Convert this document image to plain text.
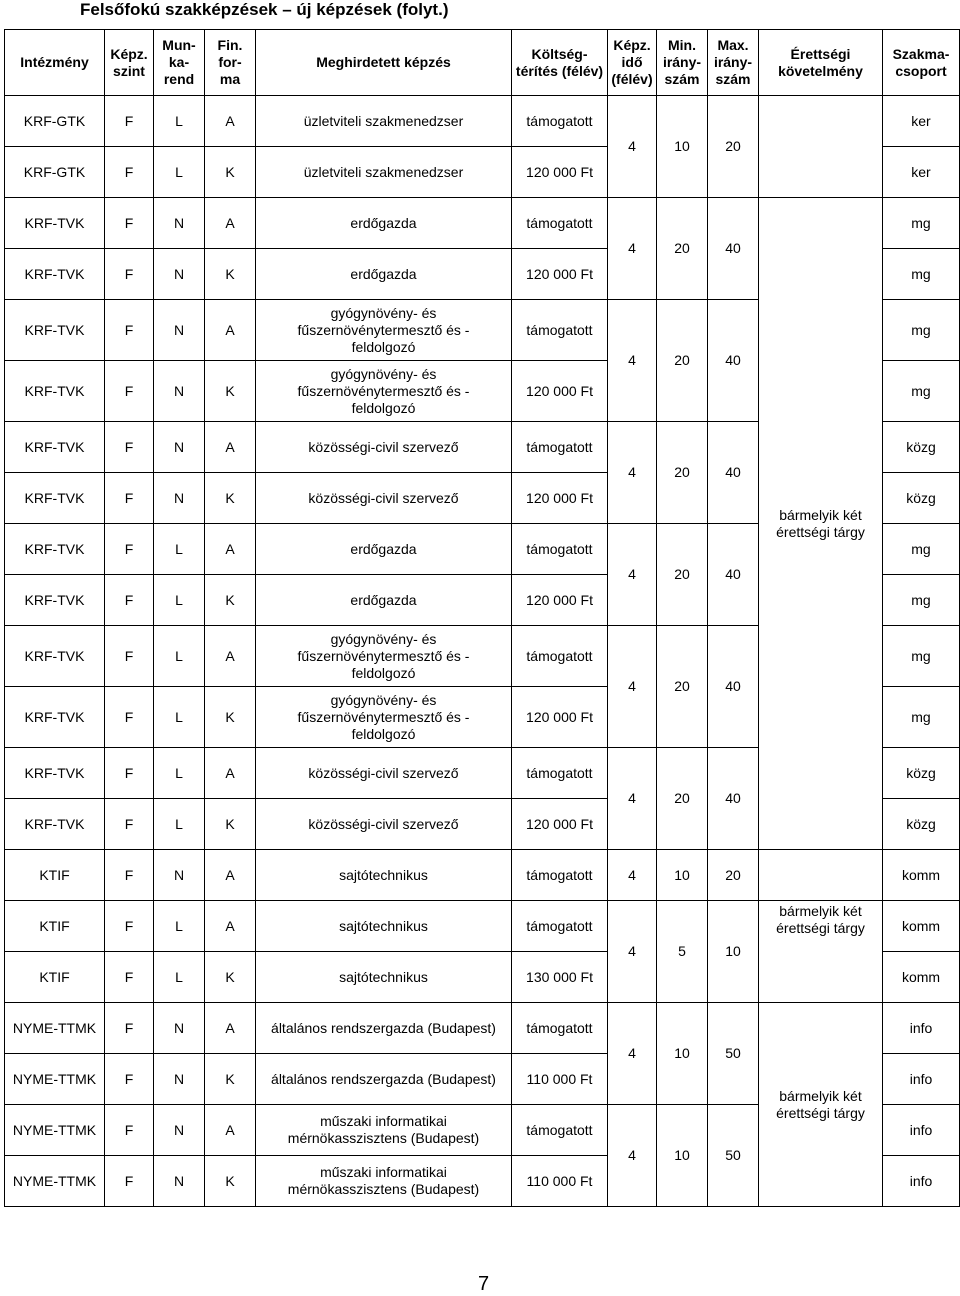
Felsőfokú szakképzések – új képzések (folyt.)
Intézmény	Képz. szint	Mun- ka- rend	Fin. for- ma	Meghirdetett képzés	Költség- térítés (félév)	Képz. idő (félév)	Min. irány- szám	Max. irány- szám	Érettségi követelmény	Szakma- csoport
KRF-GTK	F	L	A	üzletviteli szakmenedzser	támogatott	4	10	20		ker
KRF-GTK	F	L	K	üzletviteli szakmenedzser	120 000 Ft					ker
KRF-TVK	F	N	A	erdőgazda	támogatott	4	20	40		mg
KRF-TVK	F	N	K	erdőgazda	120 000 Ft					mg
KRF-TVK	F	N	A	gyógynövény- és fűszernövénytermesztő és -feldolgozó	támogatott	4	20	40		mg
KRF-TVK	F	N	K	gyógynövény- és fűszernövénytermesztő és -feldolgozó	120 000 Ft					mg
KRF-TVK	F	N	A	közösségi-civil szervező	támogatott	4	20	40	bármelyik két érettségi tárgy	közg
KRF-TVK	F	N	K	közösségi-civil szervező	120 000 Ft					közg
KRF-TVK	F	L	A	erdőgazda	támogatott	4	20	40		mg
KRF-TVK	F	L	K	erdőgazda	120 000 Ft					mg
KRF-TVK	F	L	A	gyógynövény- és fűszernövénytermesztő és -feldolgozó	támogatott	4	20	40		mg
KRF-TVK	F	L	K	gyógynövény- és fűszernövénytermesztő és -feldolgozó	120 000 Ft					mg
KRF-TVK	F	L	A	közösségi-civil szervező	támogatott	4	20	40		közg
KRF-TVK	F	L	K	közösségi-civil szervező	120 000 Ft					közg
KTIF	F	N	A	sajtótechnikus	támogatott	4	10	20		komm
KTIF	F	L	A	sajtótechnikus	támogatott	4	5	10	bármelyik két érettségi tárgy	komm
KTIF	F	L	K	sajtótechnikus	130 000 Ft					komm
NYME-TTMK	F	N	A	általános rendszergazda (Budapest)	támogatott	4	10	50	bármelyik két érettségi tárgy	info
NYME-TTMK	F	N	K	általános rendszergazda (Budapest)	110 000 Ft					info
NYME-TTMK	F	N	A	műszaki informatikai mérnökasszisztens (Budapest)	támogatott	4	10	50		info
NYME-TTMK	F	N	K	műszaki informatikai mérnökasszisztens (Budapest)	110 000 Ft					info
7
